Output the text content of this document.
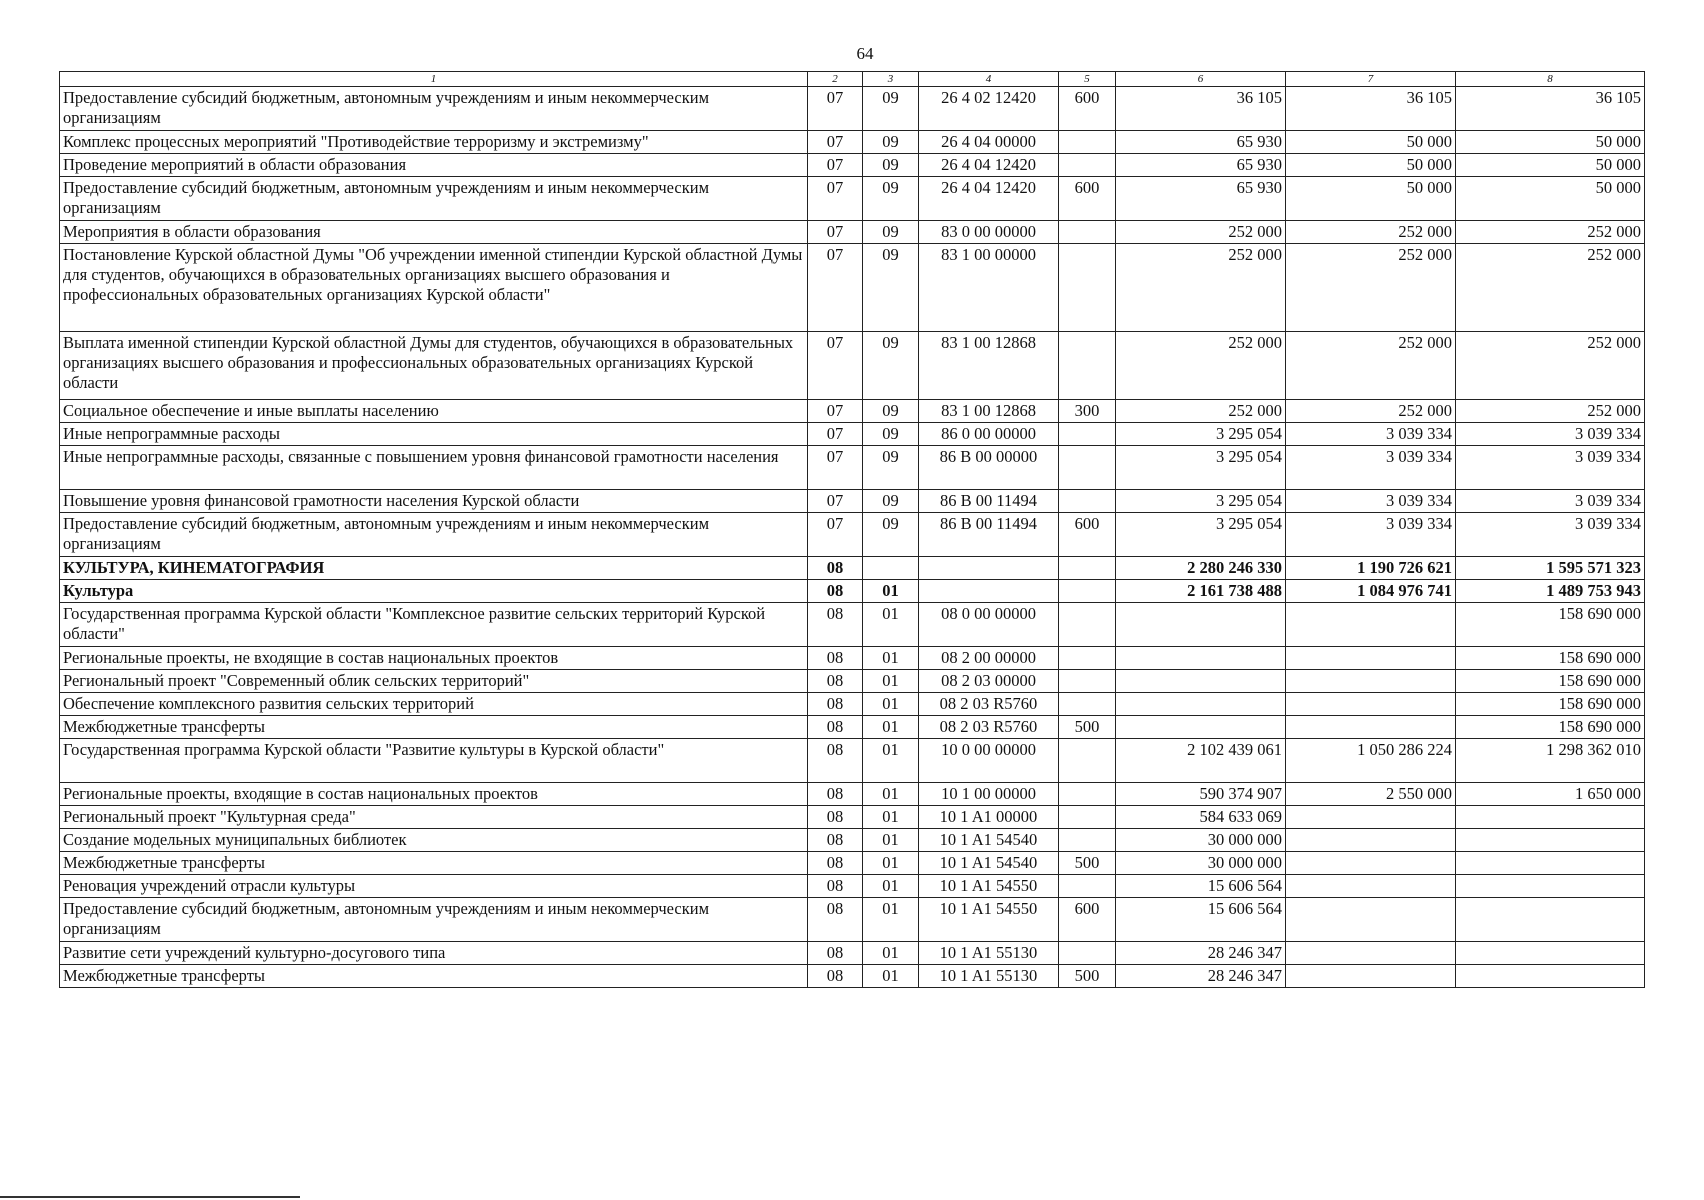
64
1	2	3	4	5	6	7	8
Предоставление субсидий бюджетным, автономным учреждениям и иным некоммерческим организациям	07	09	26 4 02 12420	600	36 105	36 105	36 105
Комплекс процессных мероприятий "Противодействие терроризму и экстремизму"	07	09	26 4 04 00000		65 930	50 000	50 000
Проведение мероприятий в области образования	07	09	26 4 04 12420		65 930	50 000	50 000
Предоставление субсидий бюджетным, автономным учреждениям и иным некоммерческим организациям	07	09	26 4 04 12420	600	65 930	50 000	50 000
Мероприятия в области образования	07	09	83 0 00 00000		252 000	252 000	252 000
Постановление Курской областной Думы "Об учреждении именной стипендии Курской областной Думы для студентов, обучающихся в образовательных организациях высшего образования и профессиональных образовательных организациях Курской области"	07	09	83 1 00 00000		252 000	252 000	252 000
Выплата именной стипендии Курской областной Думы для студентов, обучающихся в образовательных организациях высшего образования и профессиональных образовательных организациях Курской области	07	09	83 1 00 12868		252 000	252 000	252 000
Социальное обеспечение и иные выплаты населению	07	09	83 1 00 12868	300	252 000	252 000	252 000
Иные непрограммные расходы	07	09	86 0 00 00000		3 295 054	3 039 334	3 039 334
Иные непрограммные расходы, связанные с повышением уровня финансовой грамотности населения	07	09	86 В 00 00000		3 295 054	3 039 334	3 039 334
Повышение уровня финансовой грамотности населения Курской области	07	09	86 В 00 11494		3 295 054	3 039 334	3 039 334
Предоставление субсидий бюджетным, автономным учреждениям и иным некоммерческим организациям	07	09	86 В 00 11494	600	3 295 054	3 039 334	3 039 334
КУЛЬТУРА, КИНЕМАТОГРАФИЯ	08				2 280 246 330	1 190 726 621	1 595 571 323
Культура	08	01			2 161 738 488	1 084 976 741	1 489 753 943
Государственная программа Курской области "Комплексное развитие сельских территорий Курской области"	08	01	08 0 00 00000				158 690 000
Региональные проекты, не входящие в состав национальных проектов	08	01	08 2 00 00000				158 690 000
Региональный проект "Современный облик сельских территорий"	08	01	08 2 03 00000				158 690 000
Обеспечение комплексного развития сельских территорий	08	01	08 2 03 R5760				158 690 000
Межбюджетные трансферты	08	01	08 2 03 R5760	500			158 690 000
Государственная программа Курской области "Развитие культуры в Курской области"	08	01	10 0 00 00000		2 102 439 061	1 050 286 224	1 298 362 010
Региональные проекты, входящие в состав национальных проектов	08	01	10 1 00 00000		590 374 907	2 550 000	1 650 000
Региональный проект "Культурная среда"	08	01	10 1 A1 00000		584 633 069		
Создание модельных муниципальных библиотек	08	01	10 1 A1 54540		30 000 000		
Межбюджетные трансферты	08	01	10 1 A1 54540	500	30 000 000		
Реновация учреждений отрасли культуры	08	01	10 1 A1 54550		15 606 564		
Предоставление субсидий бюджетным, автономным учреждениям и иным некоммерческим организациям	08	01	10 1 A1 54550	600	15 606 564		
Развитие сети учреждений культурно-досугового типа	08	01	10 1 A1 55130		28 246 347		
Межбюджетные трансферты	08	01	10 1 A1 55130	500	28 246 347		
